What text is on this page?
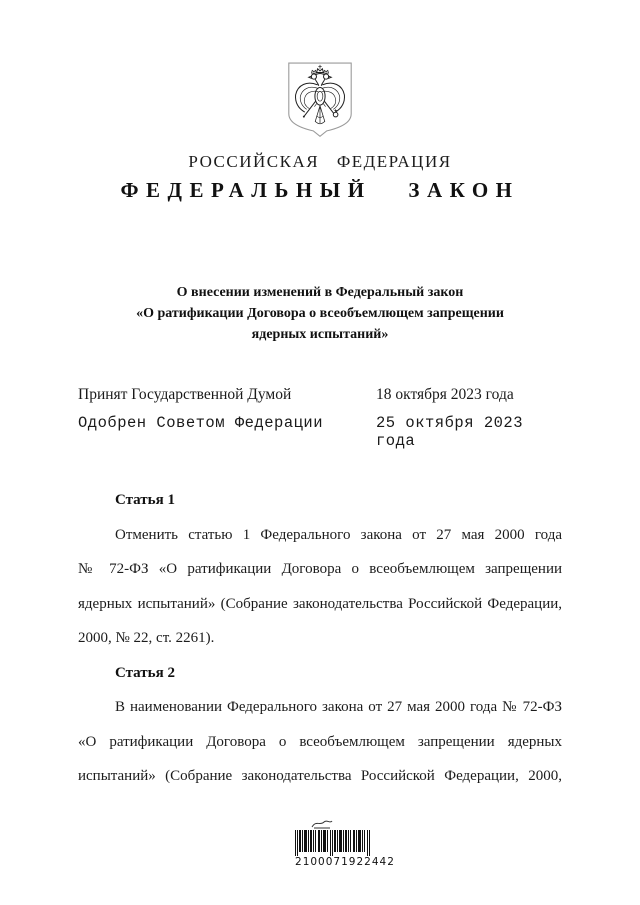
РОССИЙСКАЯ ФЕДЕРАЦИЯ
ФЕДЕРАЛЬНЫЙ ЗАКОН
О внесении изменений в Федеральный закон
«О ратификации Договора о всеобъемлющем запрещении
ядерных испытаний»
Принят Государственной Думой	18 октября 2023 года
Одобрен Советом Федерации	25 октября 2023 года
Статья 1
Отменить статью 1 Федерального закона от 27 мая 2000 года
№ 72-ФЗ «О ратификации Договора о всеобъемлющем запрещении
ядерных испытаний» (Собрание законодательства Российской Федерации,
2000, № 22, ст. 2261).
Статья 2
В наименовании Федерального закона от 27 мая 2000 года № 72-ФЗ
«О ратификации Договора о всеобъемлющем запрещении ядерных
испытаний» (Собрание законодательства Российской Федерации, 2000,
2 100071 92244 2
